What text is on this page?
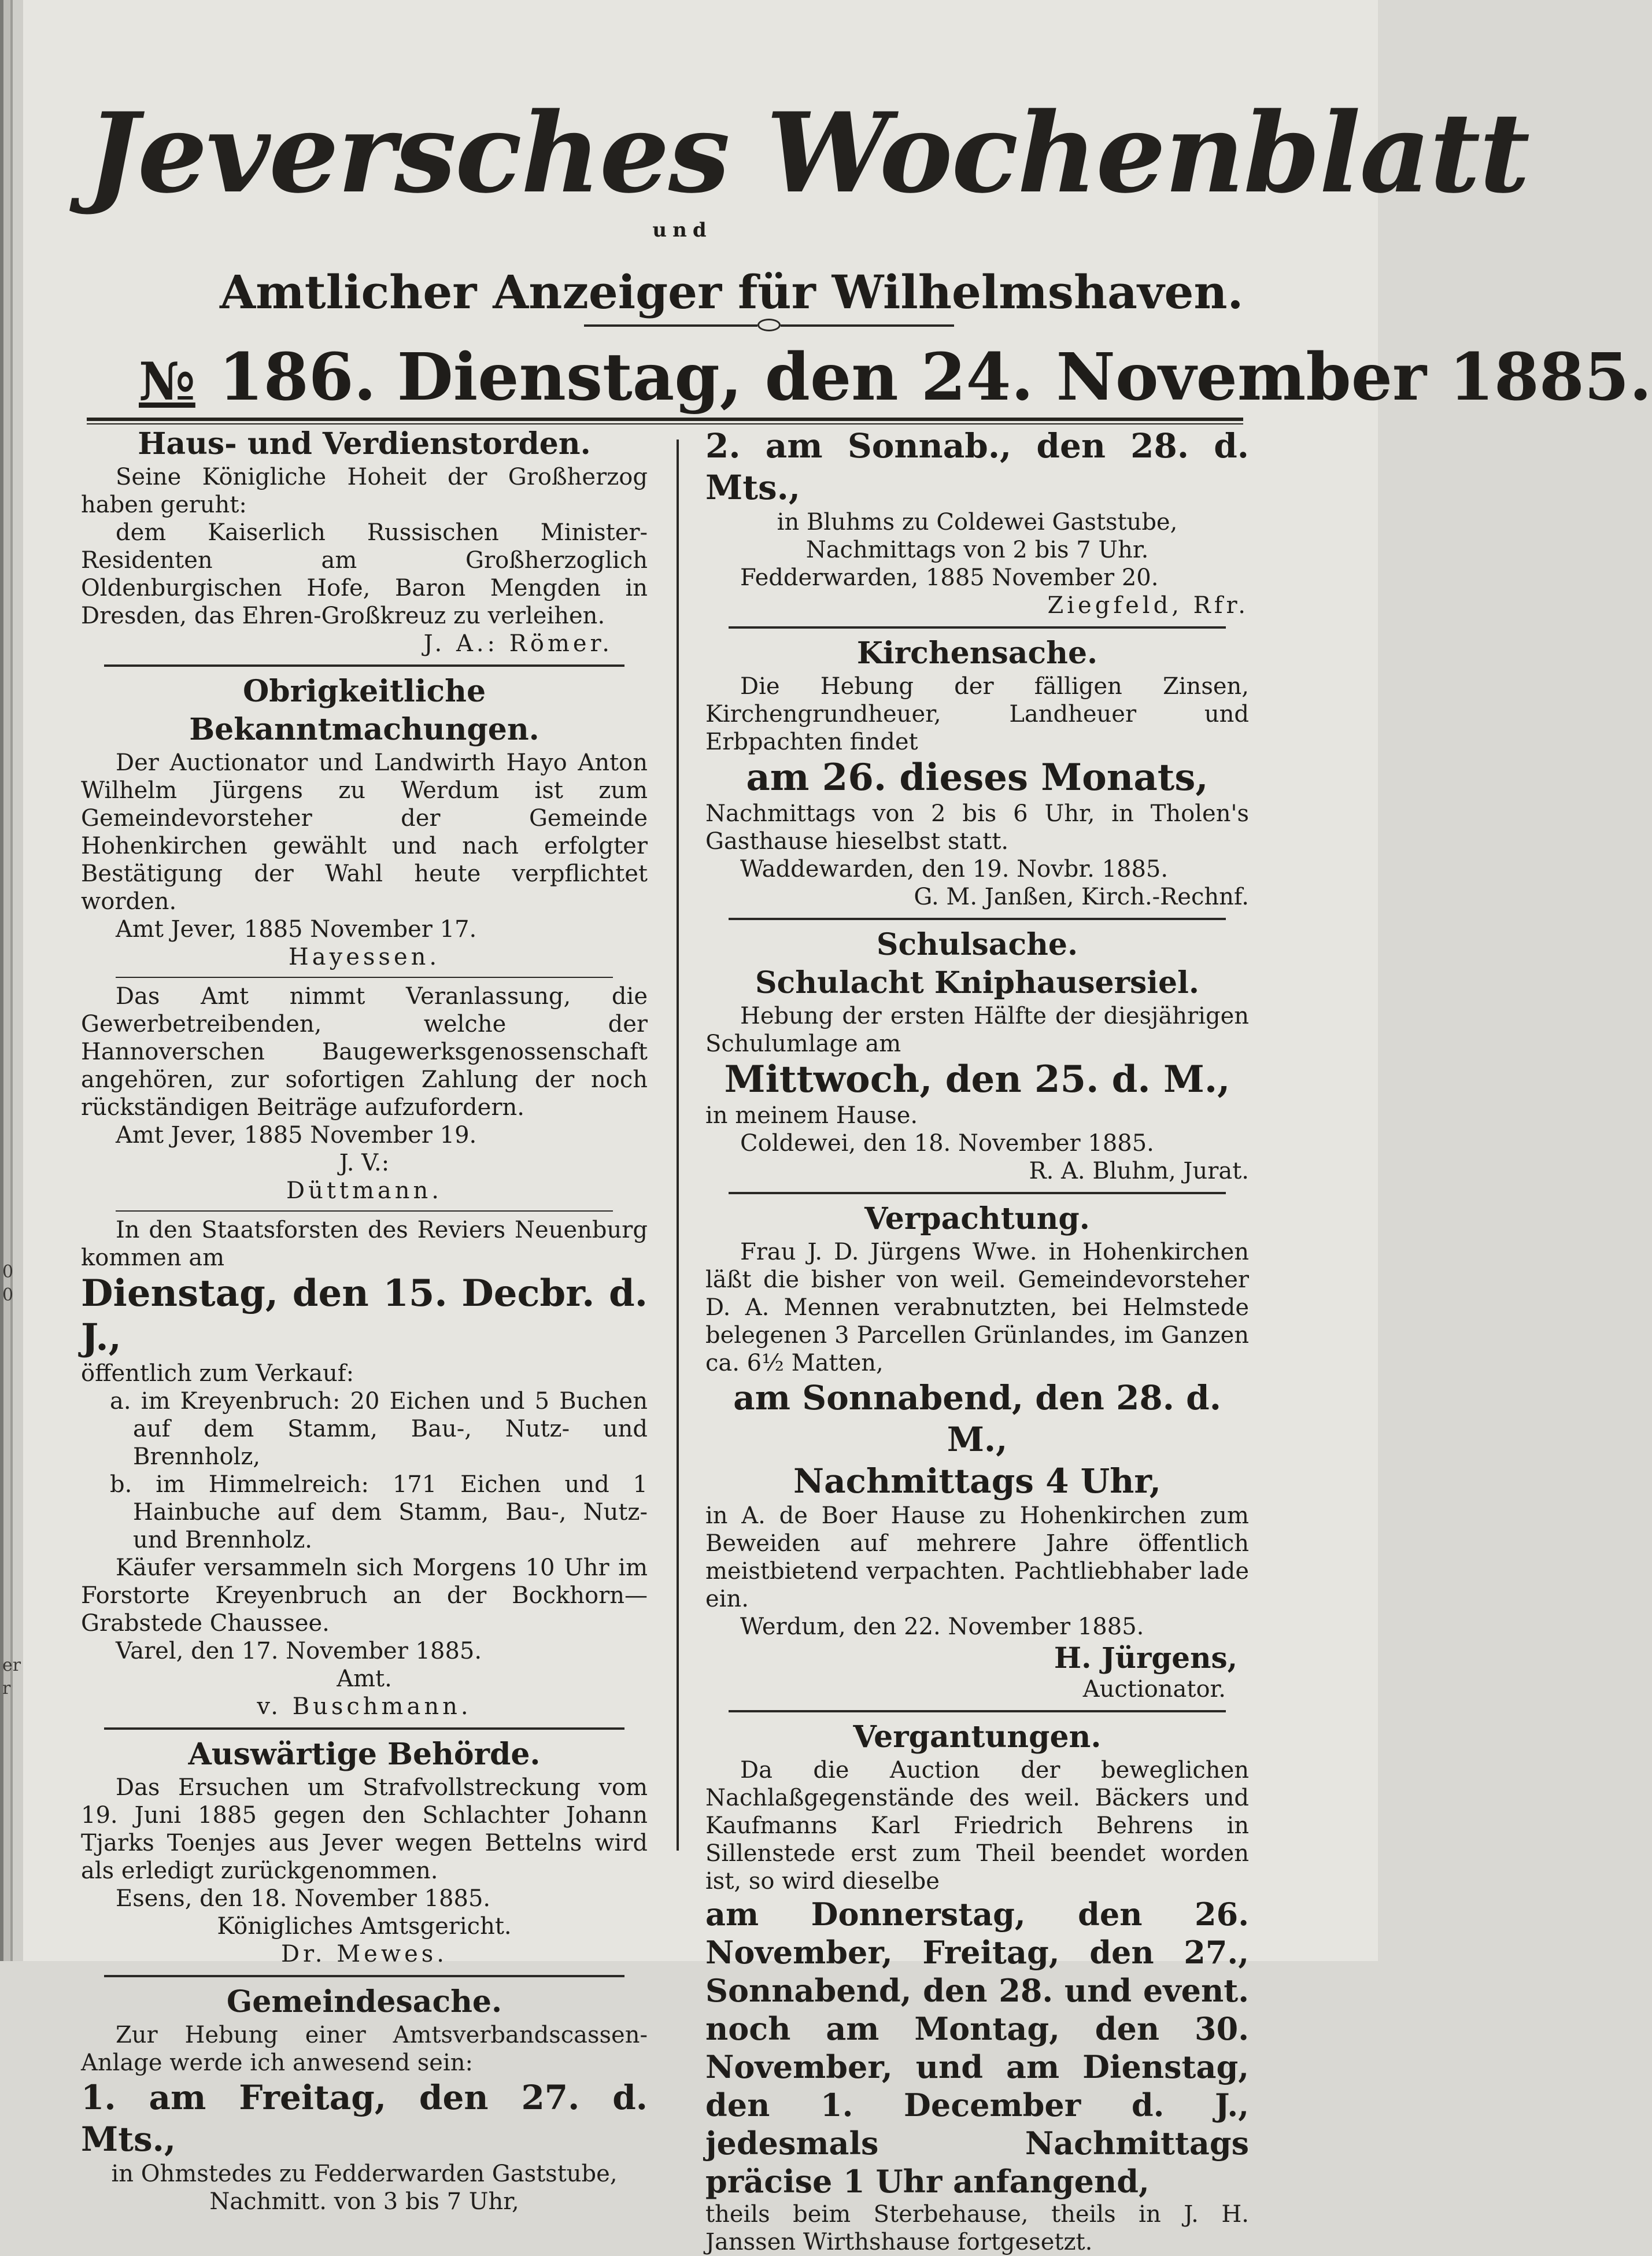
0
0
er
r
Jeversches Wochenblatt
und
Amtlicher Anzeiger für Wilhelmshaven.
№ 186. Dienstag, den 24. November 1885.
Haus- und Verdienstorden.

Seine Königliche Hoheit der Großherzog haben geruht:

dem Kaiserlich Russischen Minister-Residenten am Großherzoglich Oldenburgischen Hofe, Baron Mengden in Dresden, das Ehren-Großkreuz zu verleihen.

J. A.: Römer.

Obrigkeitliche Bekanntmachungen.

Der Auctionator und Landwirth Hayo Anton Wilhelm Jürgens zu Werdum ist zum Gemeindevorsteher der Gemeinde Hohenkirchen gewählt und nach erfolgter Bestätigung der Wahl heute verpflichtet worden.

Amt Jever, 1885 November 17.

Hayessen.

Das Amt nimmt Veranlassung, die Gewerbetreibenden, welche der Hannoverschen Baugewerksgenossenschaft angehören, zur sofortigen Zahlung der noch rückständigen Beiträge aufzufordern.

Amt Jever, 1885 November 19.

J. V.:

Düttmann.

In den Staatsforsten des Reviers Neuenburg kommen am

Dienstag, den 15. Decbr. d. J.,

öffentlich zum Verkauf:

a. im Kreyenbruch: 20 Eichen und 5 Buchen auf dem Stamm, Bau-, Nutz- und Brennholz,

b. im Himmelreich: 171 Eichen und 1 Hainbuche auf dem Stamm, Bau-, Nutz- und Brennholz.

Käufer versammeln sich Morgens 10 Uhr im Forstorte Kreyenbruch an der Bockhorn—Grabstede Chaussee.

Varel, den 17. November 1885.

Amt.

v. Buschmann.

Auswärtige Behörde.

Das Ersuchen um Strafvollstreckung vom 19. Juni 1885 gegen den Schlachter Johann Tjarks Toenjes aus Jever wegen Bettelns wird als erledigt zurückgenommen.

Esens, den 18. November 1885.

Königliches Amtsgericht.

Dr. Mewes.

Gemeindesache.

Zur Hebung einer Amtsverbandscassen-Anlage werde ich anwesend sein:

1. am Freitag, den 27. d. Mts.,

in Ohmstedes zu Fedderwarden Gaststube, Nachmitt. von 3 bis 7 Uhr,

2. am Sonnab., den 28. d. Mts.,

in Bluhms zu Coldewei Gaststube, Nachmittags von 2 bis 7 Uhr.

Fedderwarden, 1885 November 20.

Ziegfeld, Rfr.

Kirchensache.

Die Hebung der fälligen Zinsen, Kirchengrundheuer, Landheuer und Erbpachten findet

am 26. dieses Monats,

Nachmittags von 2 bis 6 Uhr, in Tholen's Gasthause hieselbst statt.

Waddewarden, den 19. Novbr. 1885.

G. M. Janßen, Kirch.-Rechnf.

Schulsache.
Schulacht Kniphausersiel.

Hebung der ersten Hälfte der diesjährigen Schulumlage am

Mittwoch, den 25. d. M.,

in meinem Hause.

Coldewei, den 18. November 1885.

R. A. Bluhm, Jurat.

Verpachtung.

Frau J. D. Jürgens Wwe. in Hohenkirchen läßt die bisher von weil. Gemeindevorsteher D. A. Mennen verabnutzten, bei Helmstede belegenen 3 Parcellen Grünlandes, im Ganzen ca. 6½ Matten,

am Sonnabend, den 28. d. M.,

Nachmittags 4 Uhr,

in A. de Boer Hause zu Hohenkirchen zum Beweiden auf mehrere Jahre öffentlich meistbietend verpachten. Pachtliebhaber lade ein.

Werdum, den 22. November 1885.

H. Jürgens,

Auctionator.

Vergantungen.

Da die Auction der beweglichen Nachlaßgegenstände des weil. Bäckers und Kaufmanns Karl Friedrich Behrens in Sillenstede erst zum Theil beendet worden ist, so wird dieselbe

am Donnerstag, den 26. November, Freitag, den 27., Sonnabend, den 28. und event. noch am Montag, den 30. November, und am Dienstag, den 1. December d. J., jedesmals Nachmittags präcise 1 Uhr anfangend,

theils beim Sterbehause, theils in J. H. Janssen Wirthshause fortgesetzt.
